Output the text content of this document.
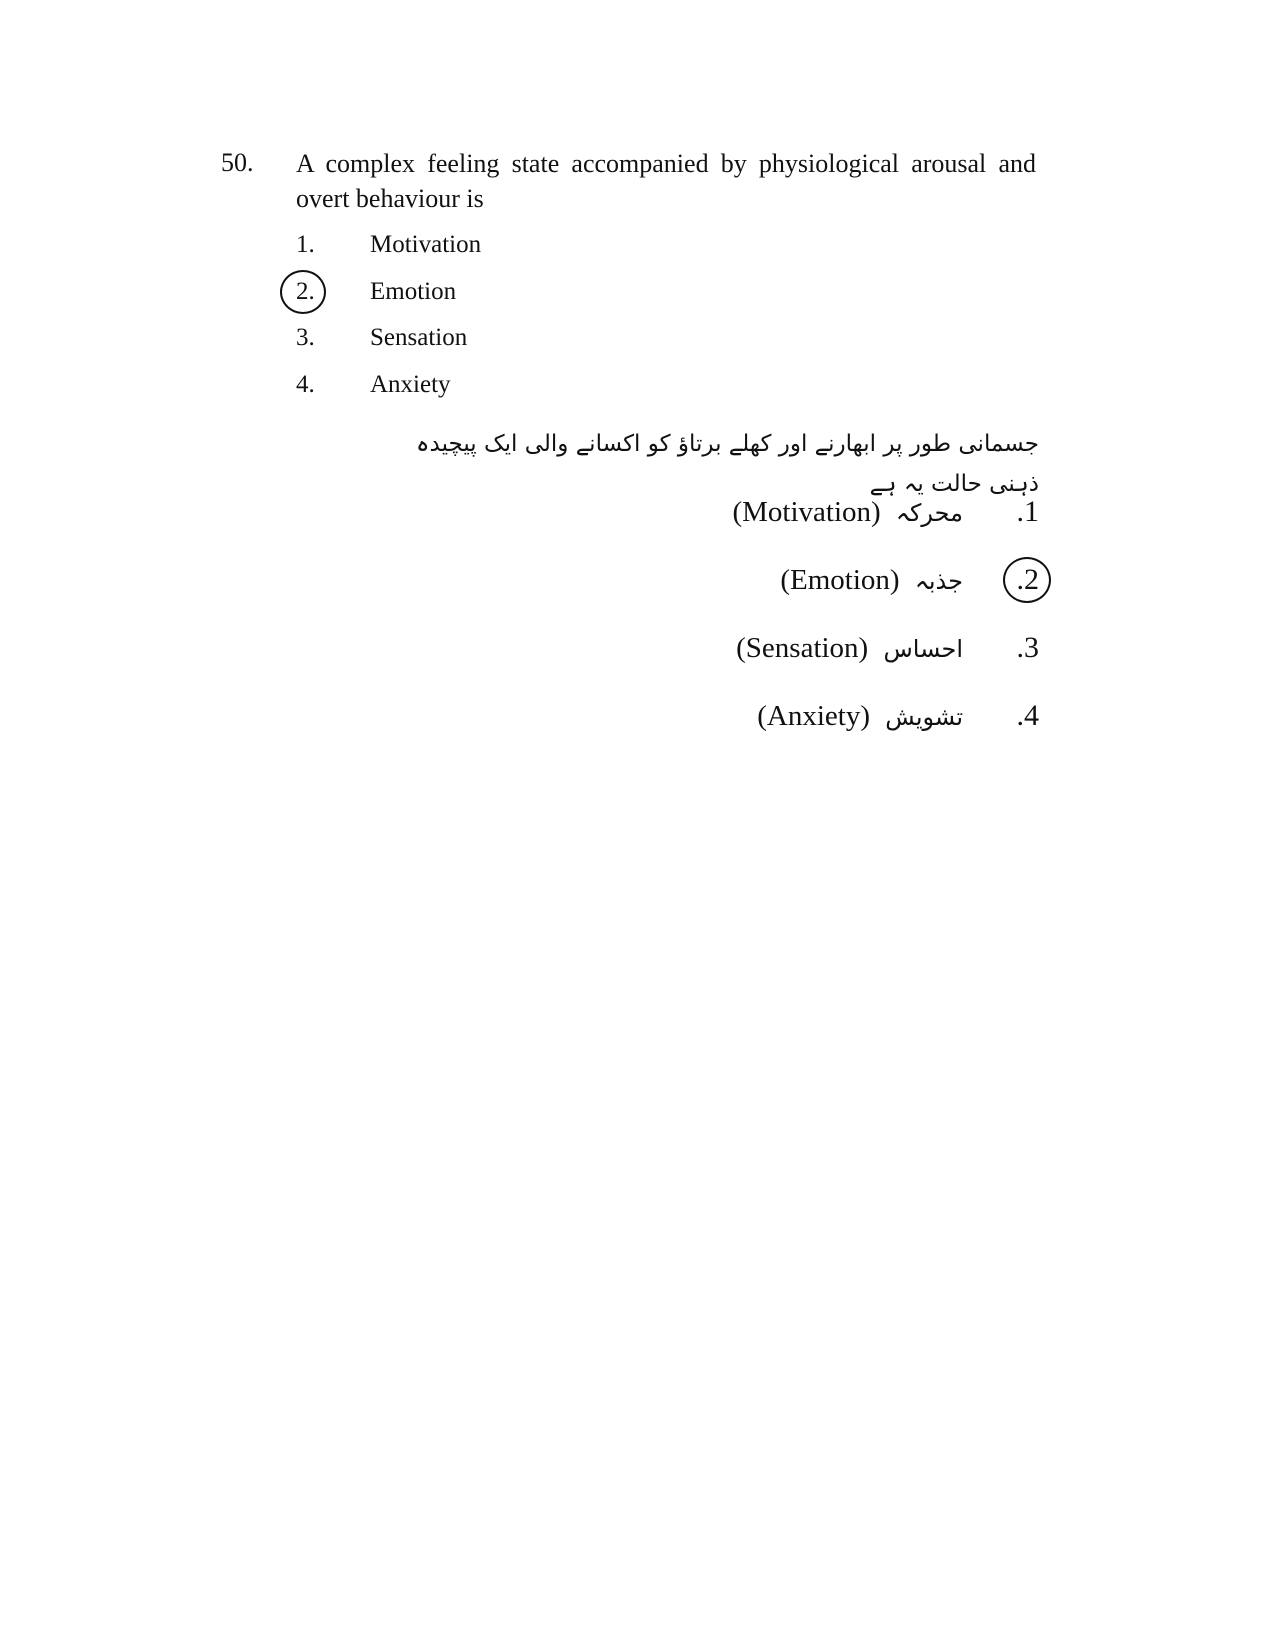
50. A complex feeling state accompanied by physiological arousal and overt behaviour is
1. Motivation
2. Emotion
3. Sensation
4. Anxiety
جسمانی طور پر ابھارنے اور کھلے برتاؤ کو اکسانے والی ایک پیچیدہ ذہنی حالت یہ ہے
.1
محرکہ (Motivation)
.2
جذبہ (Emotion)
.3
احساس (Sensation)
.4
تشویش (Anxiety)
